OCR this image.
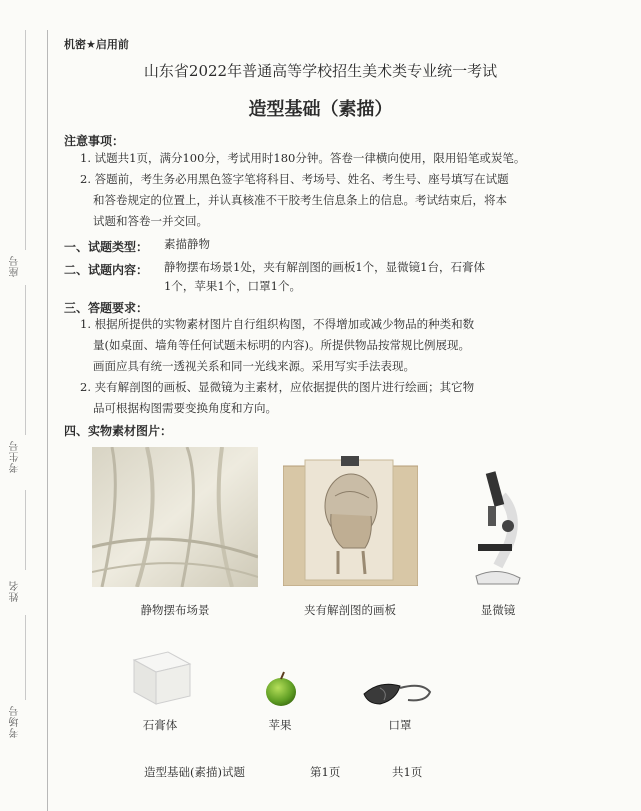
座号
考生号
姓名
考场号
机密★启用前
山东省2022年普通高等学校招生美术类专业统一考试
造型基础（素描）
注意事项：
1. 试题共1页，满分100分，考试用时180分钟。答卷一律横向使用，限用铅笔或炭笔。
2. 答题前，考生务必用黑色签字笔将科目、考场号、姓名、考生号、座号填写在试题
和答卷规定的位置上，并认真核准不干胶考生信息条上的信息。考试结束后，将本
试题和答卷一并交回。
一、试题类型： 素描静物
二、试题内容： 静物摆布场景1处，夹有解剖图的画板1个，显微镜1台，石膏体
1个，苹果1个，口罩1个。
三、答题要求：
1. 根据所提供的实物素材图片自行组织构图，不得增加或减少物品的种类和数
量(如桌面、墙角等任何试题未标明的内容)。所提供物品按常规比例展现。
画面应具有统一透视关系和同一光线来源。采用写实手法表现。
2. 夹有解剖图的画板、显微镜为主素材，应依据提供的图片进行绘画；其它物
品可根据构图需要变换角度和方向。
四、实物素材图片：
静物摆布场景	夹有解剖图的画板	显微镜
石膏体	苹果	口罩
造型基础(素描)试题	第1页	共1页
